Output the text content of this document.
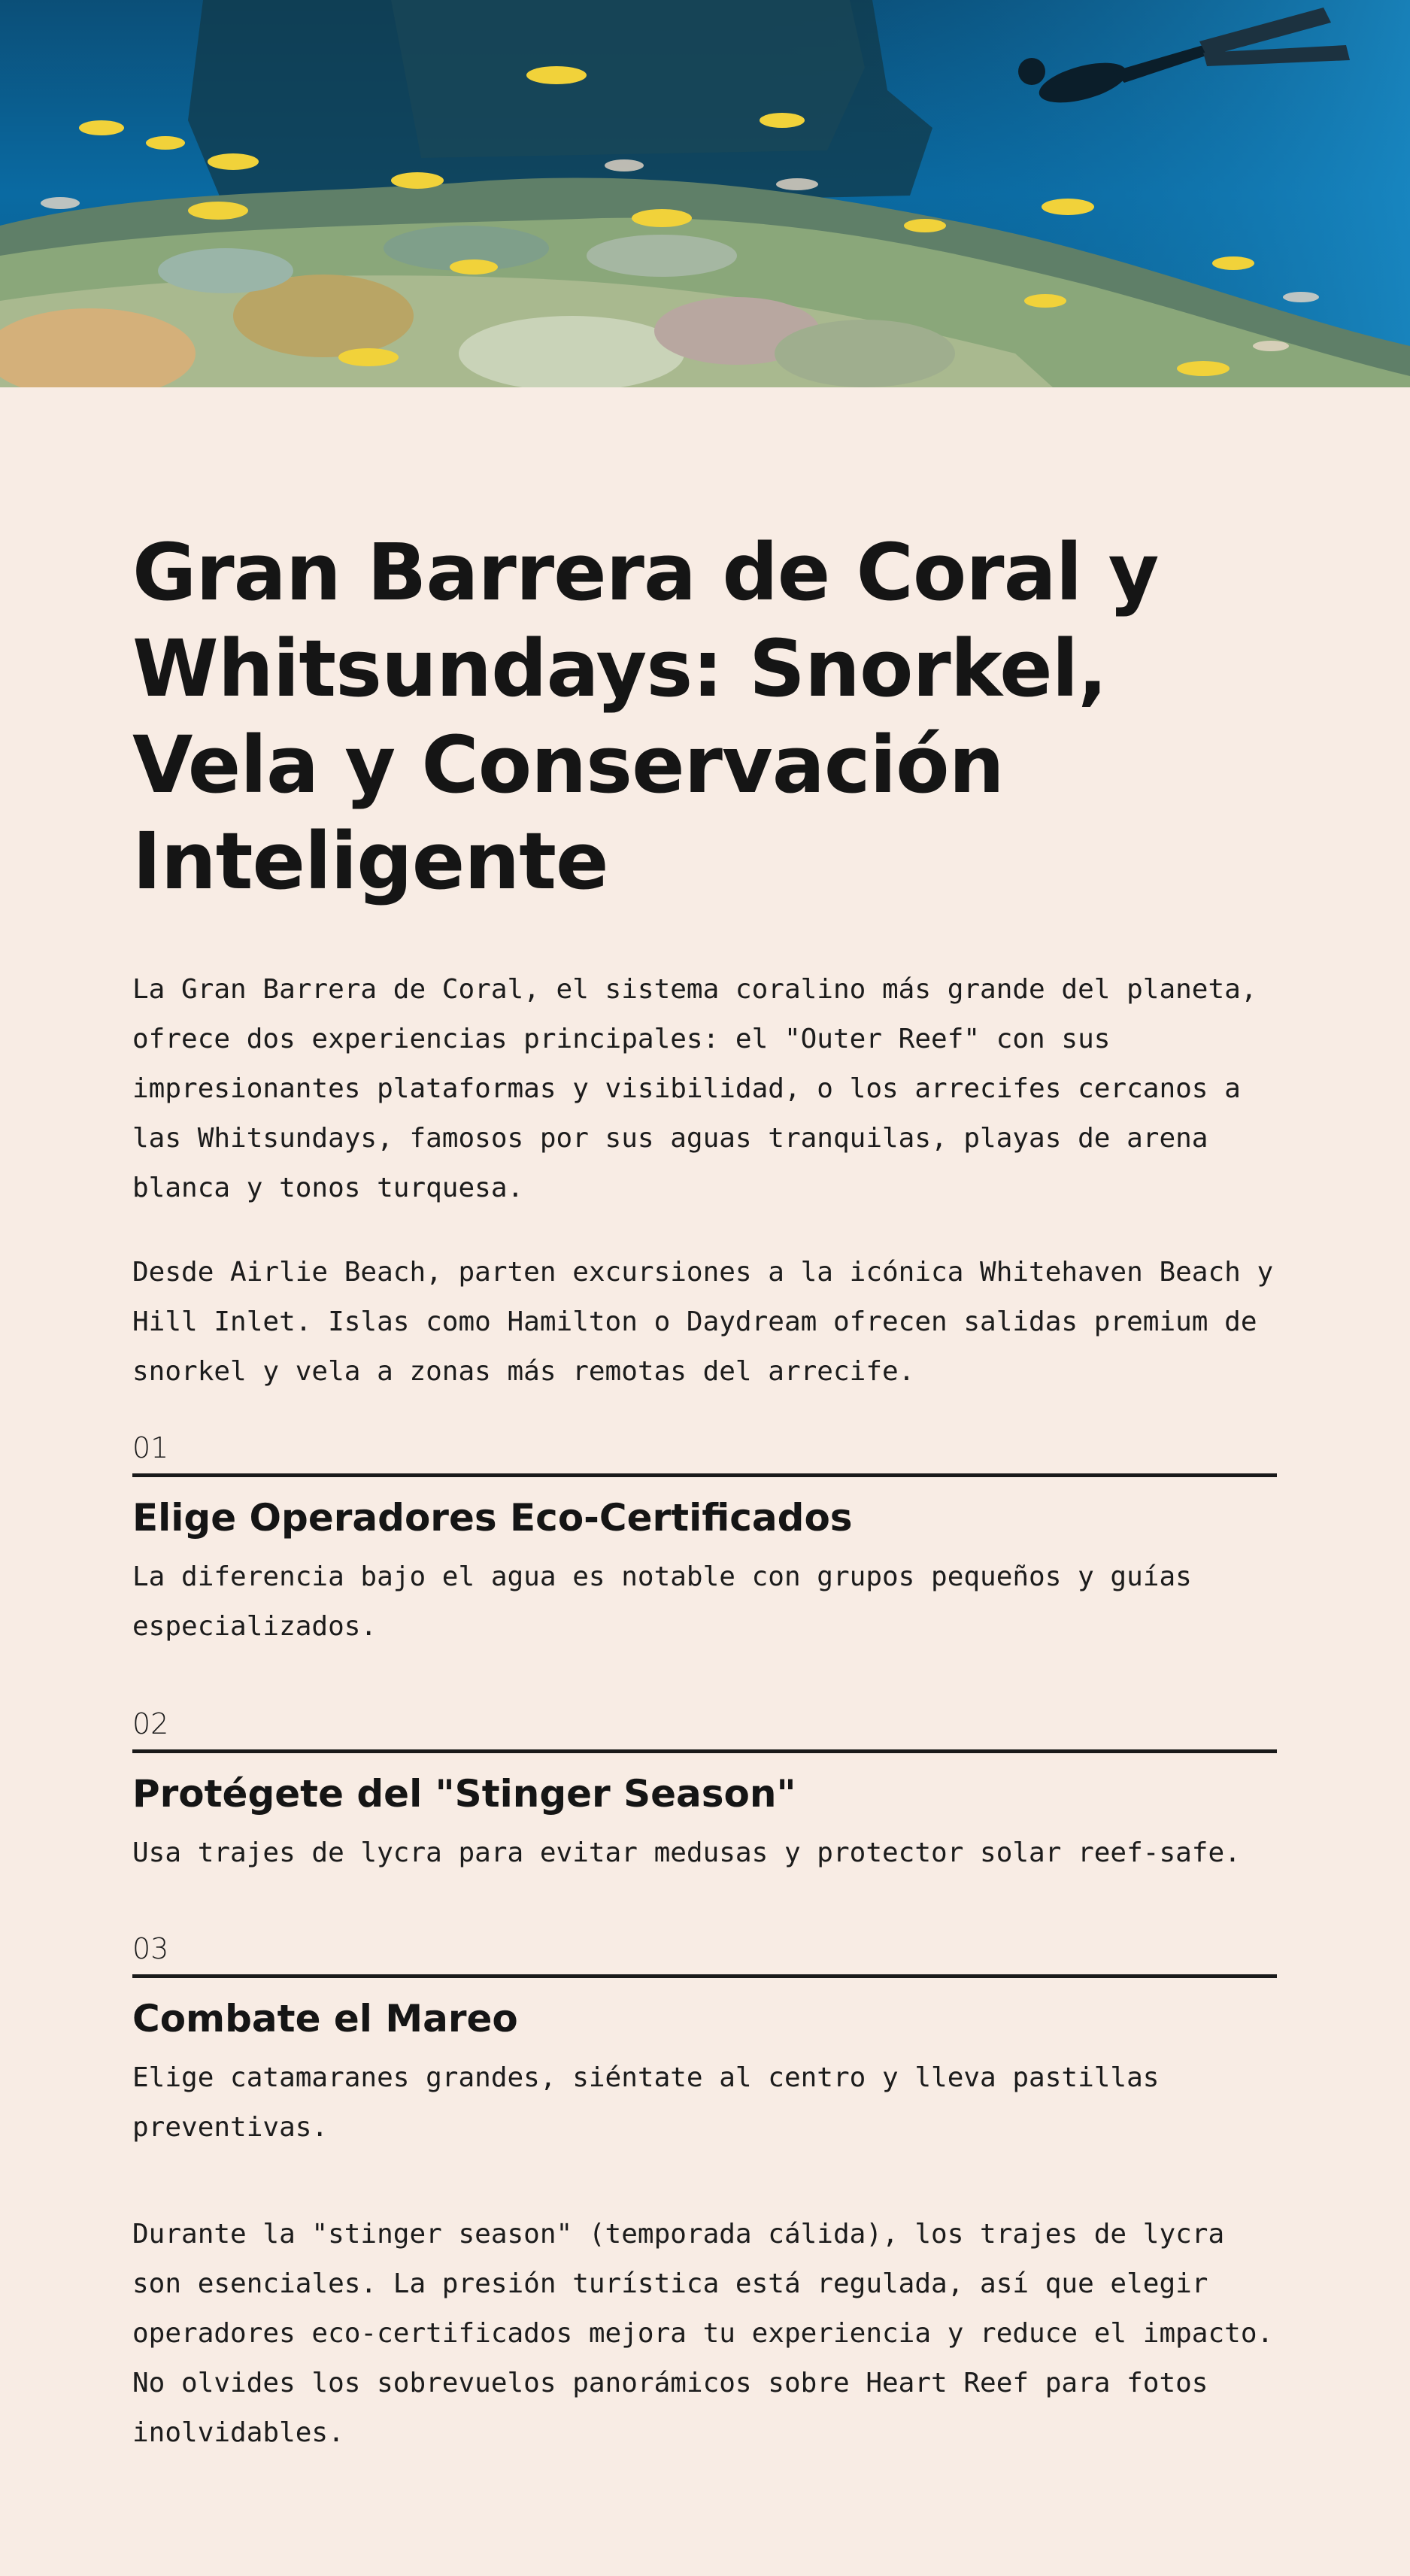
Gran Barrera de Coral y Whitsundays: Snorkel, Vela y Conservación Inteligente

La Gran Barrera de Coral, el sistema coralino más grande del planeta, ofrece dos experiencias principales: el "Outer Reef" con sus impresionantes plataformas y visibilidad, o los arrecifes cercanos a las Whitsundays, famosos por sus aguas tranquilas, playas de arena blanca y tonos turquesa.

Desde Airlie Beach, parten excursiones a la icónica Whitehaven Beach y Hill Inlet. Islas como Hamilton o Daydream ofrecen salidas premium de snorkel y vela a zonas más remotas del arrecife.

01
Elige Operadores Eco-Certificados

La diferencia bajo el agua es notable con grupos pequeños y guías especializados.

02
Protégete del "Stinger Season"

Usa trajes de lycra para evitar medusas y protector solar reef-safe.

03
Combate el Mareo

Elige catamaranes grandes, siéntate al centro y lleva pastillas preventivas.

Durante la "stinger season" (temporada cálida), los trajes de lycra son esenciales. La presión turística está regulada, así que elegir operadores eco-certificados mejora tu experiencia y reduce el impacto. No olvides los sobrevuelos panorámicos sobre Heart Reef para fotos inolvidables.
